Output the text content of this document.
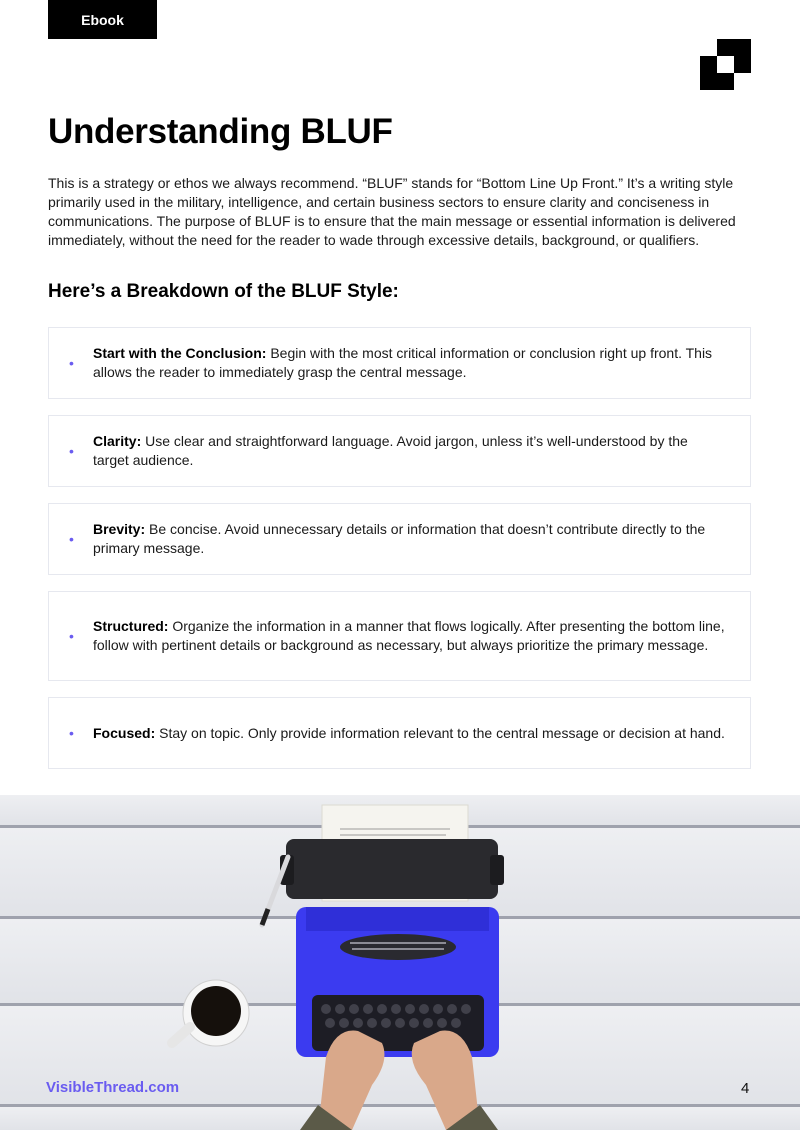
Ebook
Understanding BLUF

This is a strategy or ethos we always recommend. “BLUF” stands for “Bottom Line Up Front.” It’s a writing style primarily used in the military, intelligence, and certain business sectors to ensure clarity and conciseness in communications. The purpose of BLUF is to ensure that the main message or essential information is delivered immediately, without the need for the reader to wade through excessive details, background, or qualifiers.

Here’s a Breakdown of the BLUF Style:
•

Start with the Conclusion: Begin with the most critical information or conclusion right up front. This allows the reader to immediately grasp the central message.

•

Clarity: Use clear and straightforward language. Avoid jargon, unless it’s well-understood by the target audience.

•

Brevity: Be concise. Avoid unnecessary details or information that doesn’t contribute directly to the primary message.

•

Structured: Organize the information in a manner that flows logically. After presenting the bottom line, follow with pertinent details or background as necessary, but always prioritize the primary message.

• Focused: Stay on topic. Only provide information relevant to the central message or decision at hand.

VisibleThread.com	4
